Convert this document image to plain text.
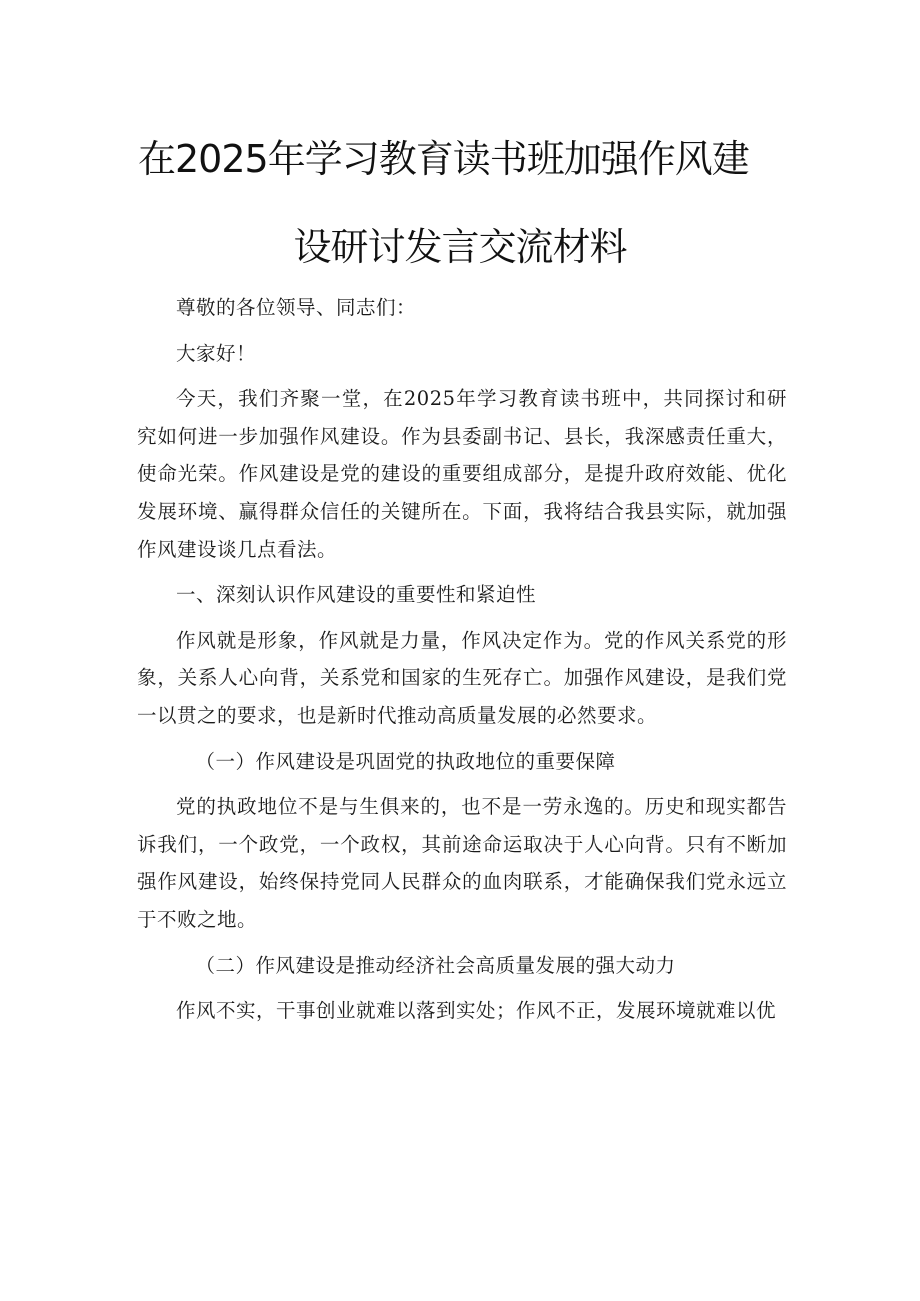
在2025年学习教育读书班加强作风建
设研讨发言交流材料

尊敬的各位领导、同志们：

大家好！

今天，我们齐聚一堂，在2025年学习教育读书班中，共同探讨和研究如何进一步加强作风建设。作为县委副书记、县长，我深感责任重大，使命光荣。作风建设是党的建设的重要组成部分，是提升政府效能、优化发展环境、赢得群众信任的关键所在。下面，我将结合我县实际，就加强作风建设谈几点看法。

一、深刻认识作风建设的重要性和紧迫性

作风就是形象，作风就是力量，作风决定作为。党的作风关系党的形象，关系人心向背，关系党和国家的生死存亡。加强作风建设，是我们党一以贯之的要求，也是新时代推动高质量发展的必然要求。

（一）作风建设是巩固党的执政地位的重要保障

党的执政地位不是与生俱来的，也不是一劳永逸的。历史和现实都告诉我们，一个政党，一个政权，其前途命运取决于人心向背。只有不断加强作风建设，始终保持党同人民群众的血肉联系，才能确保我们党永远立于不败之地。

（二）作风建设是推动经济社会高质量发展的强大动力

作风不实，干事创业就难以落到实处；作风不正，发展环境就难以优
